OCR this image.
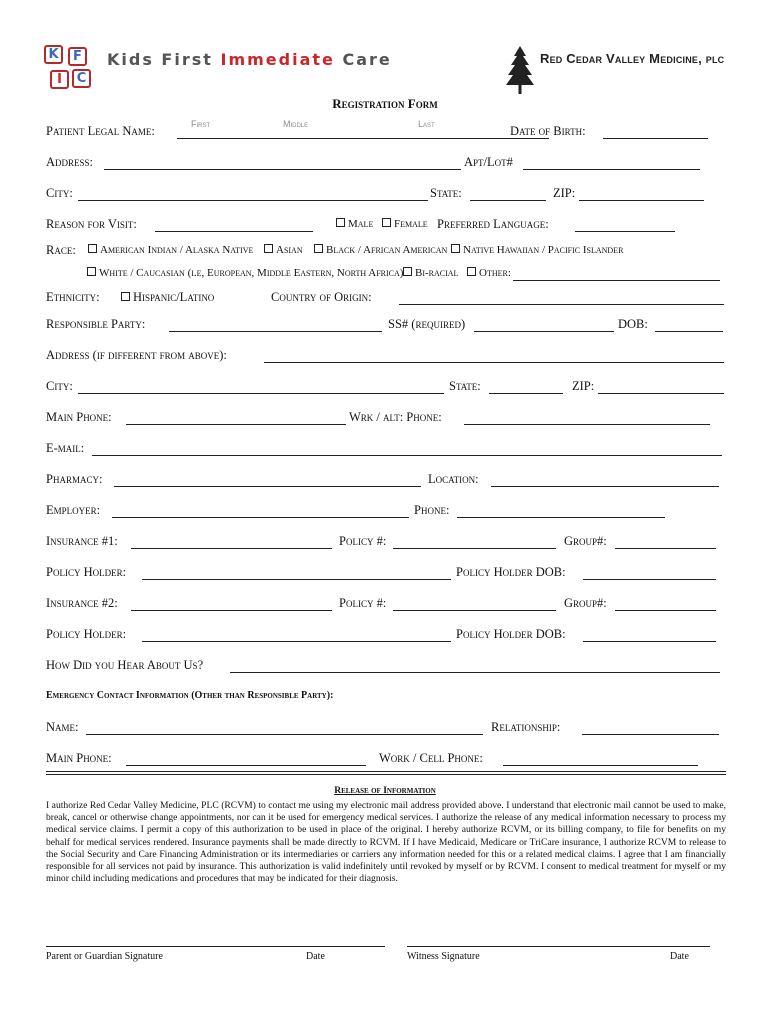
K	F
I	C
Kids First Immediate Care	Red Cedar Valley Medicine, plc
Registration Form
Patient Legal Name:	First	Middle	Last	Date of Birth:
Address:	Apt/Lot#
City:	State:	ZIP:
Reason for Visit:	Male	Female Preferred Language:
Race:	American Indian / Alaska Native	Asian	Black / African American	Native Hawaiian / Pacific Islander
White / Caucasian (i.e, European, Middle Eastern, North Africa)	Bi-racial	Other:
Ethnicity:	Hispanic/Latino	Country of Origin:
Responsible Party:	SS# (required)	DOB:
Address (if different from above):
City:	State:	ZIP:
Main Phone:	Wrk / alt: Phone:
E-mail:
Pharmacy:	Location:
Employer:	Phone:
Insurance #1:	Policy #:	Group#:
Policy Holder:	Policy Holder DOB:
Insurance #2:	Policy #:	Group#:
Policy Holder:	Policy Holder DOB:
How Did you Hear About Us?
Emergency Contact Information (Other than Responsible Party):
Name:	Relationship:
Main Phone:	Work / Cell Phone:
Release of Information
I authorize Red Cedar Valley Medicine, PLC (RCVM) to contact me using my electronic mail address provided above. I understand that electronic mail cannot be used to make, break, cancel or otherwise change appointments, nor can it be used for emergency medical services. I authorize the release of any medical information necessary to process my medical service claims. I permit a copy of this authorization to be used in place of the original. I hereby authorize RCVM, or its billing company, to file for benefits on my behalf for medical services rendered. Insurance payments shall be made directly to RCVM. If I have Medicaid, Medicare or TriCare insurance, I authorize RCVM to release to the Social Security and Care Financing Administration or its intermediaries or carriers any information needed for this or a related medical claims. I agree that I am financially responsible for all services not paid by insurance. This authorization is valid indefinitely until revoked by myself or by RCVM. I consent to medical treatment for myself or my minor child including medications and procedures that may be indicated for their diagnosis.
Parent or Guardian Signature	Date	Witness Signature	Date
